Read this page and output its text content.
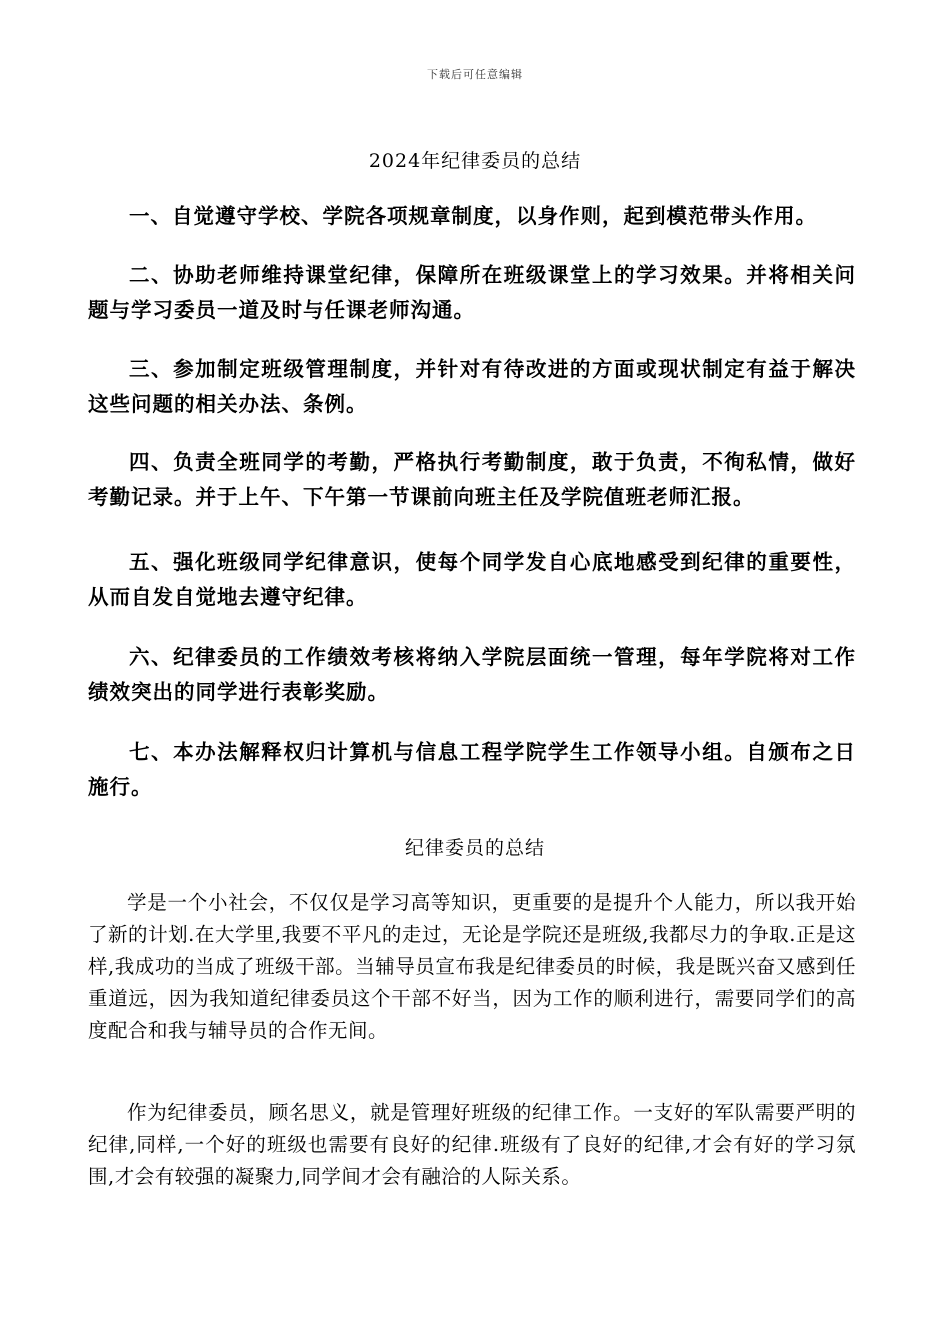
下载后可任意编辑
2024年纪律委员的总结

一、自觉遵守学校、学院各项规章制度，以身作则，起到模范带头作用。

二、协助老师维持课堂纪律，保障所在班级课堂上的学习效果。并将相关问题与学习委员一道及时与任课老师沟通。

三、参加制定班级管理制度，并针对有待改进的方面或现状制定有益于解决这些问题的相关办法、条例。

四、负责全班同学的考勤，严格执行考勤制度，敢于负责，不徇私情，做好考勤记录。并于上午、下午第一节课前向班主任及学院值班老师汇报。

五、强化班级同学纪律意识，使每个同学发自心底地感受到纪律的重要性，从而自发自觉地去遵守纪律。

六、纪律委员的工作绩效考核将纳入学院层面统一管理，每年学院将对工作绩效突出的同学进行表彰奖励。

七、本办法解释权归计算机与信息工程学院学生工作领导小组。自颁布之日施行。

纪律委员的总结

学是一个小社会，不仅仅是学习高等知识，更重要的是提升个人能力，所以我开始了新的计划.在大学里,我要不平凡的走过，无论是学院还是班级,我都尽力的争取.正是这样,我成功的当成了班级干部。当辅导员宣布我是纪律委员的时候，我是既兴奋又感到任重道远，因为我知道纪律委员这个干部不好当，因为工作的顺利进行，需要同学们的高度配合和我与辅导员的合作无间。

作为纪律委员，顾名思义，就是管理好班级的纪律工作。一支好的军队需要严明的纪律,同样,一个好的班级也需要有良好的纪律.班级有了良好的纪律,才会有好的学习氛围,才会有较强的凝聚力,同学间才会有融洽的人际关系。
